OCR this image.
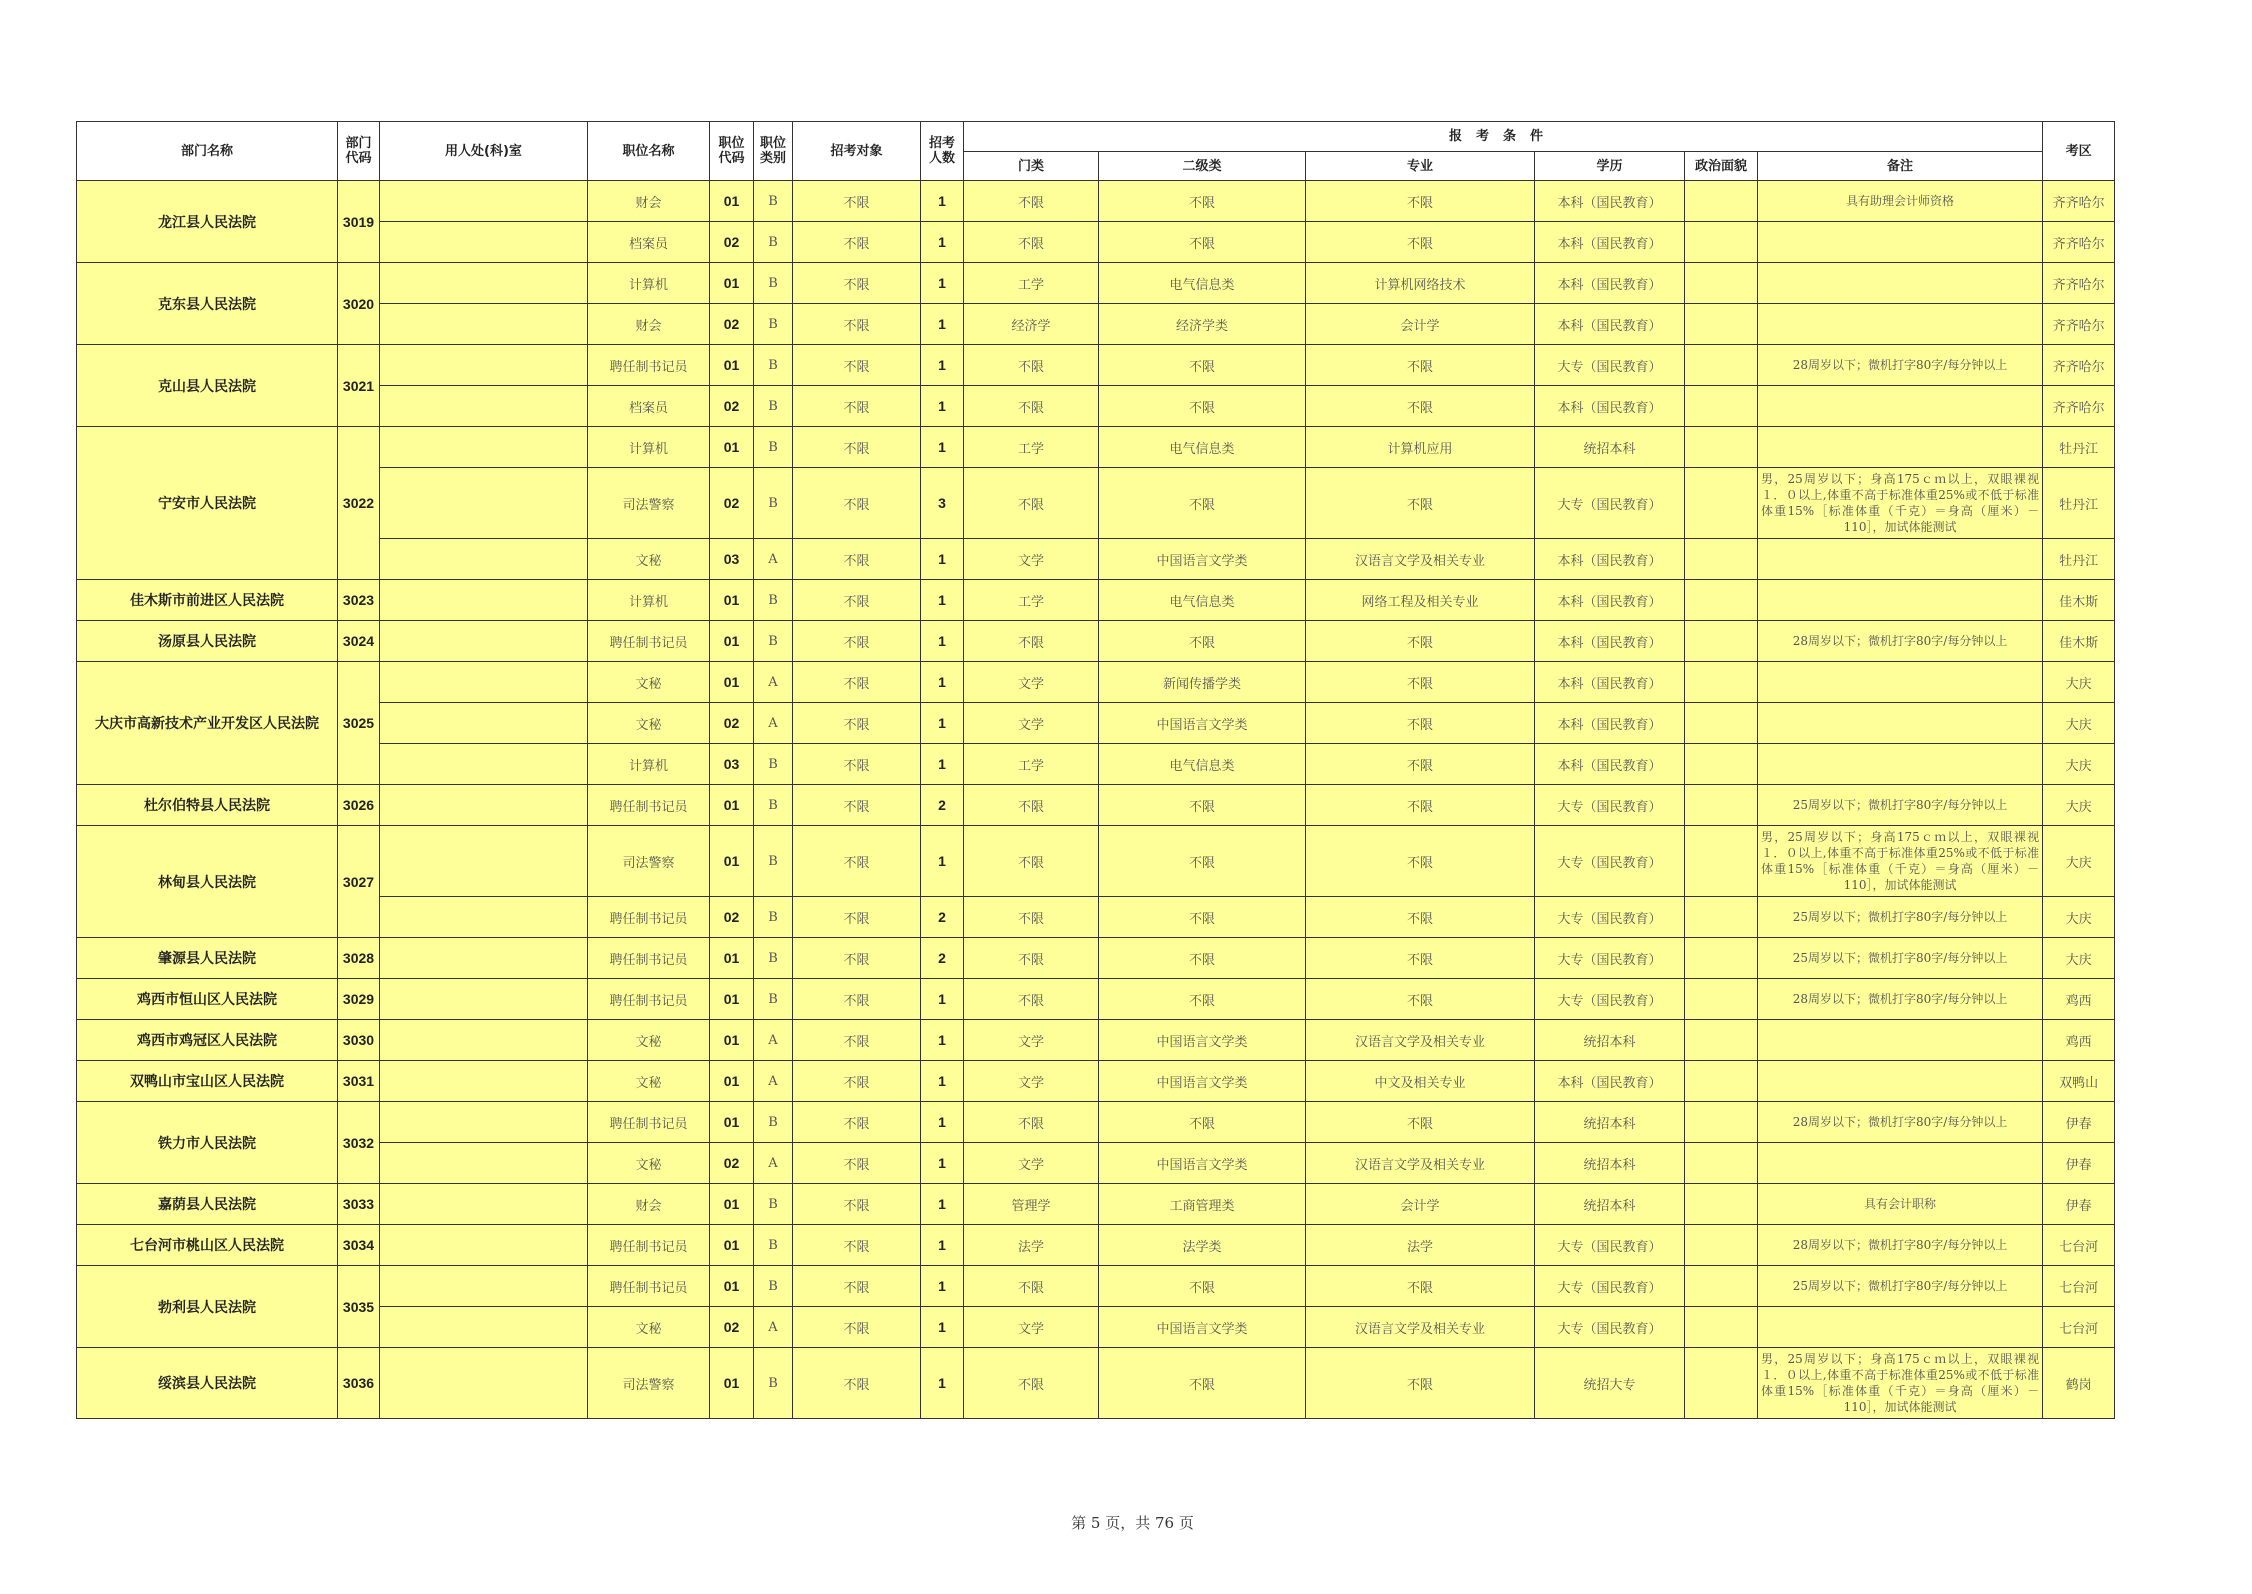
部门名称	部门代码	用人处(科)室	职位名称	职位代码	职位类别	招考对象	招考人数	报考条件						考区
								门类	二级类	专业	学历	政治面貌	备注	
龙江县人民法院	3019		财会	01	B	不限	1	不限	不限	不限	本科（国民教育）		具有助理会计师资格	齐齐哈尔
			档案员	02	B	不限	1	不限	不限	不限	本科（国民教育）			齐齐哈尔
克东县人民法院	3020		计算机	01	B	不限	1	工学	电气信息类	计算机网络技术	本科（国民教育）			齐齐哈尔
			财会	02	B	不限	1	经济学	经济学类	会计学	本科（国民教育）			齐齐哈尔
克山县人民法院	3021		聘任制书记员	01	B	不限	1	不限	不限	不限	大专（国民教育）		28周岁以下；微机打字80字/每分钟以上	齐齐哈尔
			档案员	02	B	不限	1	不限	不限	不限	本科（国民教育）			齐齐哈尔
宁安市人民法院	3022		计算机	01	B	不限	1	工学	电气信息类	计算机应用	统招本科			牡丹江
			司法警察	02	B	不限	3	不限	不限	不限	大专（国民教育）		男，25周岁以下；身高175ｃｍ以上，双眼裸视１．０以上,体重不高于标准体重25%或不低于标准体重15%［标准体重（千克）＝身高（厘米）－110］，加试体能测试	牡丹江
			文秘	03	A	不限	1	文学	中国语言文学类	汉语言文学及相关专业	本科（国民教育）			牡丹江
佳木斯市前进区人民法院	3023		计算机	01	B	不限	1	工学	电气信息类	网络工程及相关专业	本科（国民教育）			佳木斯
汤原县人民法院	3024		聘任制书记员	01	B	不限	1	不限	不限	不限	本科（国民教育）		28周岁以下；微机打字80字/每分钟以上	佳木斯
大庆市高新技术产业开发区人民法院	3025		文秘	01	A	不限	1	文学	新闻传播学类	不限	本科（国民教育）			大庆
			文秘	02	A	不限	1	文学	中国语言文学类	不限	本科（国民教育）			大庆
			计算机	03	B	不限	1	工学	电气信息类	不限	本科（国民教育）			大庆
杜尔伯特县人民法院	3026		聘任制书记员	01	B	不限	2	不限	不限	不限	大专（国民教育）		25周岁以下；微机打字80字/每分钟以上	大庆
林甸县人民法院	3027		司法警察	01	B	不限	1	不限	不限	不限	大专（国民教育）		男，25周岁以下；身高175ｃｍ以上，双眼裸视１．０以上,体重不高于标准体重25%或不低于标准体重15%［标准体重（千克）＝身高（厘米）－110］，加试体能测试	大庆
			聘任制书记员	02	B	不限	2	不限	不限	不限	大专（国民教育）		25周岁以下；微机打字80字/每分钟以上	大庆
肇源县人民法院	3028		聘任制书记员	01	B	不限	2	不限	不限	不限	大专（国民教育）		25周岁以下；微机打字80字/每分钟以上	大庆
鸡西市恒山区人民法院	3029		聘任制书记员	01	B	不限	1	不限	不限	不限	大专（国民教育）		28周岁以下；微机打字80字/每分钟以上	鸡西
鸡西市鸡冠区人民法院	3030		文秘	01	A	不限	1	文学	中国语言文学类	汉语言文学及相关专业	统招本科			鸡西
双鸭山市宝山区人民法院	3031		文秘	01	A	不限	1	文学	中国语言文学类	中文及相关专业	本科（国民教育）			双鸭山
铁力市人民法院	3032		聘任制书记员	01	B	不限	1	不限	不限	不限	统招本科		28周岁以下；微机打字80字/每分钟以上	伊春
			文秘	02	A	不限	1	文学	中国语言文学类	汉语言文学及相关专业	统招本科			伊春
嘉荫县人民法院	3033		财会	01	B	不限	1	管理学	工商管理类	会计学	统招本科		具有会计职称	伊春
七台河市桃山区人民法院	3034		聘任制书记员	01	B	不限	1	法学	法学类	法学	大专（国民教育）		28周岁以下；微机打字80字/每分钟以上	七台河
勃利县人民法院	3035		聘任制书记员	01	B	不限	1	不限	不限	不限	大专（国民教育）		25周岁以下；微机打字80字/每分钟以上	七台河
			文秘	02	A	不限	1	文学	中国语言文学类	汉语言文学及相关专业	大专（国民教育）			七台河
绥滨县人民法院	3036		司法警察	01	B	不限	1	不限	不限	不限	统招大专		男，25周岁以下；身高175ｃｍ以上，双眼裸视１．０以上,体重不高于标准体重25%或不低于标准体重15%［标准体重（千克）＝身高（厘米）－110］，加试体能测试	鹤岗
第 5 页，共 76 页
